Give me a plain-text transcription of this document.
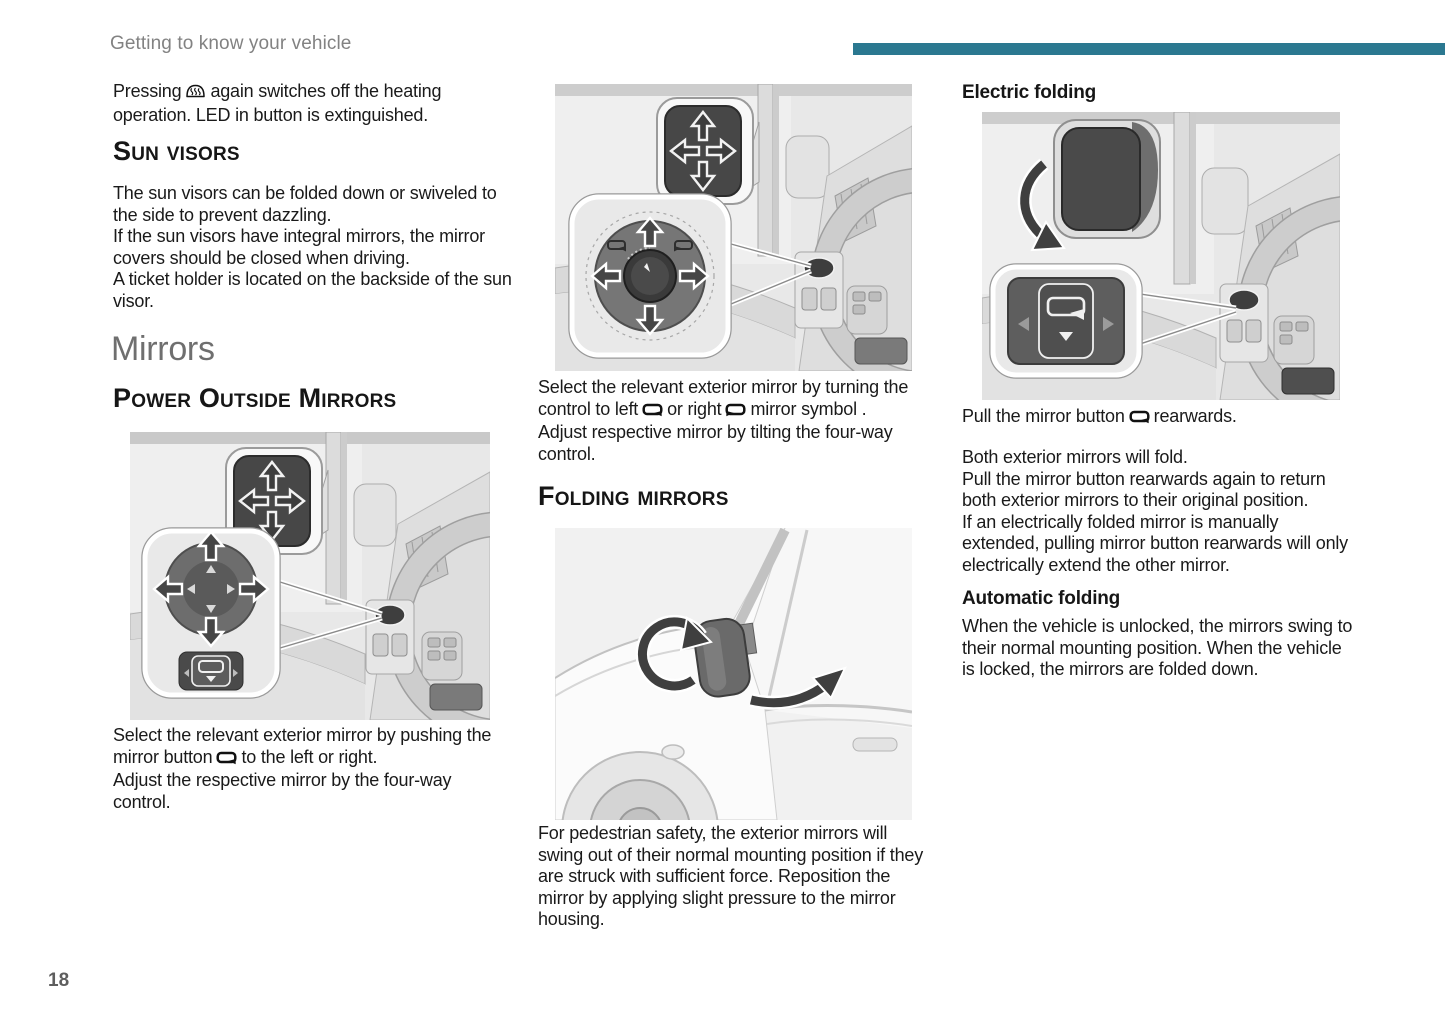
Getting to know your vehicle
Pressing again switches off the heating operation. LED in button is extinguished.
Sun visors
The sun visors can be folded down or swiveled to the side to prevent dazzling.
If the sun visors have integral mirrors, the mirror covers should be closed when driving.
A ticket holder is located on the backside of the sun visor.
Mirrors
Power Outside Mirrors
Select the relevant exterior mirror by pushing the mirror button to the left or right.
Adjust the respective mirror by the four-way control.
Select the relevant exterior mirror by turning the control to left or right mirror symbol .
Adjust respective mirror by tilting the four-way control.
Folding mirrors
For pedestrian safety, the exterior mirrors will swing out of their normal mounting position if they are struck with sufficient force. Reposition the mirror by applying slight pressure to the mirror housing.
Electric folding
Pull the mirror button rearwards.
Both exterior mirrors will fold.
Pull the mirror button rearwards again to return both exterior mirrors to their original position.
If an electrically folded mirror is manually extended, pulling mirror button rearwards will only electrically extend the other mirror.
Automatic folding
When the vehicle is unlocked, the mirrors swing to their normal mounting position. When the vehicle is locked, the mirrors are folded down.
18
